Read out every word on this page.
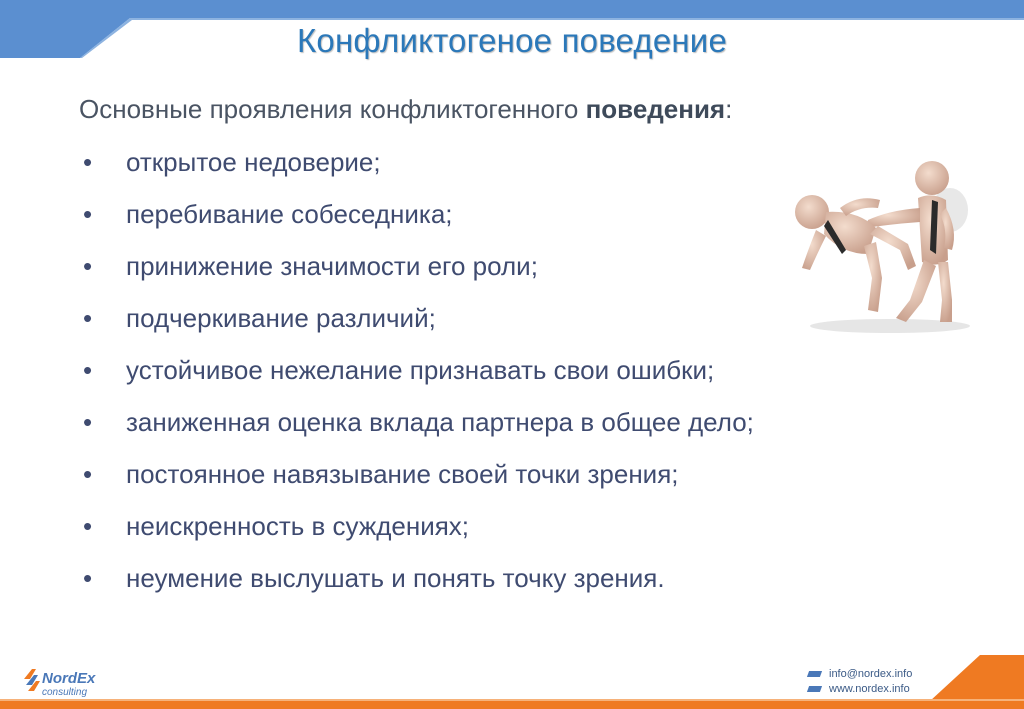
Конфликтогеное поведение
Основные проявления конфликтогенного поведения:
• открытое недоверие;
• перебивание собеседника;
• принижение значимости его роли;
• подчеркивание различий;
• устойчивое нежелание признавать свои ошибки;
• заниженная оценка вклада партнера в общее дело;
• постоянное навязывание своей точки зрения;
• неискренность в суждениях;
• неумение выслушать и понять точку зрения.
NordEx
consulting
info@nordex.info
www.nordex.info
